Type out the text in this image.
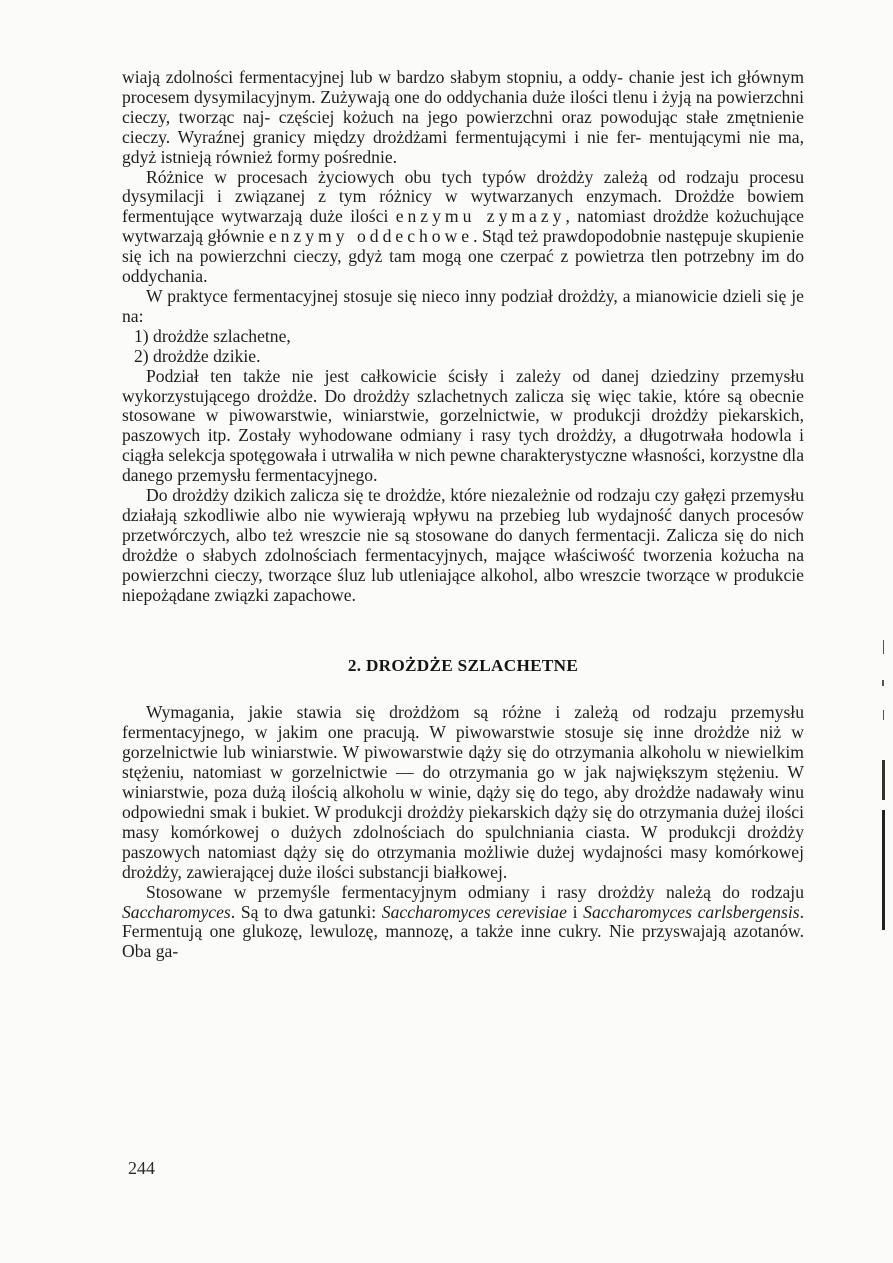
wiają zdolności fermentacyjnej lub w bardzo słabym stopniu, a oddy- chanie jest ich głównym procesem dysymilacyjnym. Zużywają one do oddychania duże ilości tlenu i żyją na powierzchni cieczy, tworząc naj- częściej kożuch na jego powierzchni oraz powodując stałe zmętnienie cieczy. Wyraźnej granicy między drożdżami fermentującymi i nie fer- mentującymi nie ma, gdyż istnieją również formy pośrednie.

Różnice w procesach życiowych obu tych typów drożdży zależą od rodzaju procesu dysymilacji i związanej z tym różnicy w wytwarzanych enzymach. Drożdże bowiem fermentujące wytwarzają duże ilości enzymu zymazy, natomiast drożdże kożuchujące wytwarzają głównie enzymy oddechowe. Stąd też prawdopodobnie następuje skupienie się ich na powierzchni cieczy, gdyż tam mogą one czerpać z powietrza tlen potrzebny im do oddychania.

W praktyce fermentacyjnej stosuje się nieco inny podział drożdży, a mianowicie dzieli się je na:

1) drożdże szlachetne,

2) drożdże dzikie.

Podział ten także nie jest całkowicie ścisły i zależy od danej dziedziny przemysłu wykorzystującego drożdże. Do drożdży szlachetnych zalicza się więc takie, które są obecnie stosowane w piwowarstwie, winiarstwie, gorzelnictwie, w produkcji drożdży piekarskich, paszowych itp. Zostały wyhodowane odmiany i rasy tych drożdży, a długotrwała hodowla i ciągła selekcja spotęgowała i utrwaliła w nich pewne charakterystyczne własności, korzystne dla danego przemysłu fermentacyjnego.

Do drożdży dzikich zalicza się te drożdże, które niezależnie od rodzaju czy gałęzi przemysłu działają szkodliwie albo nie wywierają wpływu na przebieg lub wydajność danych procesów przetwórczych, albo też wreszcie nie są stosowane do danych fermentacji. Zalicza się do nich drożdże o słabych zdolnościach fermentacyjnych, mające właściwość tworzenia kożucha na powierzchni cieczy, tworzące śluz lub utleniające alkohol, albo wreszcie tworzące w produkcie niepożądane związki zapachowe.

2. DROŻDŻE SZLACHETNE

Wymagania, jakie stawia się drożdżom są różne i zależą od rodzaju przemysłu fermentacyjnego, w jakim one pracują. W piwowarstwie stosuje się inne drożdże niż w gorzelnictwie lub winiarstwie. W piwowarstwie dąży się do otrzymania alkoholu w niewielkim stężeniu, natomiast w gorzelnictwie — do otrzymania go w jak największym stężeniu. W winiarstwie, poza dużą ilością alkoholu w winie, dąży się do tego, aby drożdże nadawały winu odpowiedni smak i bukiet. W produkcji drożdży piekarskich dąży się do otrzymania dużej ilości masy komórkowej o dużych zdolnościach do spulchniania ciasta. W produkcji drożdży paszowych natomiast dąży się do otrzymania możliwie dużej wydajności masy komórkowej drożdży, zawierającej duże ilości substancji białkowej.

Stosowane w przemyśle fermentacyjnym odmiany i rasy drożdży należą do rodzaju Saccharomyces. Są to dwa gatunki: Saccharomyces cerevisiae i Saccharomyces carlsbergensis. Fermentują one glukozę, lewulozę, mannozę, a także inne cukry. Nie przyswajają azotanów. Oba ga-

244
